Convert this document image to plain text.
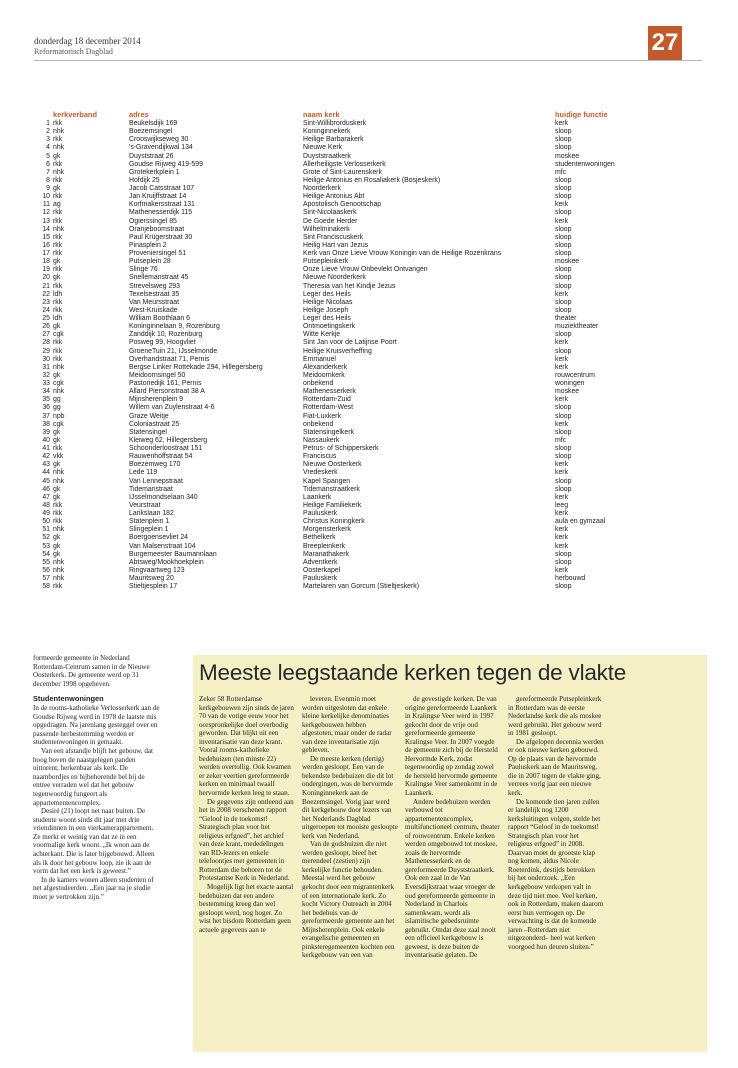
donderdag 18 december 2014
Reformatorisch Dagblad	27
	kerkverband	adres	naam kerk	huidige functie
1	rkk	Beukelsdijk 169	Sint-Willibrorduskerk	kerk
2	nhk	Boezemsingel	Koninginnekerk	sloop
3	rkk	Crooswijkseweg 30	Heilige Barbarakerk	sloop
4	nhk	's-Gravendijkwal 134	Nieuwe Kerk	sloop
5	gk	Duyststraat 26	Duyststraatkerk	moskee
6	rkk	Goudse Rijweg 419-599	Allerheiligste Verlosserkerk	studentenwoningen
7	nhk	Grotekerkplein 1	Grote of Sint-Laurenskerk	mfc
8	rkk	Hofdijk 25	Heilige Antonius en Rosaliakerk (Bosjeskerk)	sloop
9	gk	Jacob Catsstraat 107	Noorderkerk	sloop
10	rkk	Jan Kruijffstraat 14	Heilige Antonius Abt	sloop
11	ag	Korfmakersstraat 131	Apostolisch Genootschap	kerk
12	rkk	Mathenesserdijk 115	Sint-Nicolaaskerk	sloop
13	rkk	Ogierssingel 85	De Goede Herder	kerk
14	nhk	Oranjeboomstraat	Wilhelminakerk	sloop
15	rkk	Paul Krügerstraat 30	Sint Franciscuskerk	sloop
16	rkk	Pinasplein 2	Heilig Hart van Jezus	sloop
17	rkk	Proveniersingel 51	Kerk van Onze Lieve Vrouw Koningin van de Heilige Rozenkrans	sloop
18	gk	Putseplein 28	Putsepleinkerk	moskee
19	rkk	Slinge 76	Onze Lieve Vrouw Onbevlekt Ontvangen	sloop
20	gk	Snellemanstraat 45	Nieuwe Noorderkerk	sloop
21	rkk	Strevelsweg 293	Theresia van het Kindje Jezus	sloop
22	ldh	Texelsestraat 35	Leger des Heils	kerk
23	rkk	Van Meursstraat	Heilige Nicolaas	sloop
24	rkk	West-Kruiskade	Heilige Joseph	sloop
25	ldh	William Boothlaan 6	Leger des Heils	theater
26	gk	Koninginnelaan 9, Rozenburg	Ontmoetingskerk	muziektheater
27	cgk	Zanddijk 10, Rozenburg	Witte Kerkje	sloop
28	rkk	Posweg 99, Hoogvliet	Sint Jan voor de Latijnse Poort	kerk
29	rkk	GroeneTuin 21, IJsselmonde	Heilige Kruisverheffing	sloop
30	rkk	Overhandstraat 71, Pernis	Emmanuel	kerk
31	nhk	Bergse Linker Rottekade 294, Hillegersberg	Alexanderkerk	kerk
32	gk	Meidoornsingel 50	Meidoornkerk	rouwcentrum
33	cgk	Pastoriedijk 161, Pernis	onbekend	woningen
34	nhk	Allard Piersonstraat 38 A	Mathenesserkerk	moskee
35	gg	Mijnsherenplein 9	Rotterdam-Zuid	kerk
36	gg	Willem van Zuylenstraat 4-6	Rotterdam-West	sloop
37	npb	Graze Weitje	Fiat-Luxkerk	sloop
38	cgk	Coloniastraat 25	onbekend	kerk
39	gk	Statensingel	Statensingelkerk	sloop
40	gk	Kleiweg 62, Hillegersberg	Nassaukerk	mfc
41	rkk	Schoonderloostraat 151	Petrus- of Schipperskerk	sloop
42	vkk	Rauwenhoffstraat 54	Franciscus	sloop
43	gk	Boezemweg 170	Nieuwe Oosterkerk	kerk
44	nhk	Lede 119	Vredeskerk	kerk
45	nhk	Van Lennepstraat	Kapel Spangen	sloop
46	gk	Tidemanstraat	Tidemanstraatkerk	sloop
47	gk	IJsselmondselaan 340	Laankerk	kerk
48	rkk	Veurstraat	Heilige Familiekerk	leeg
49	rkk	Larikslaan 182	Pauluskerk	kerk
50	rkk	Statenplein 1	Christus Koningkerk	aula en gymzaal
51	nhk	Slingeplein 1	Morgensterkerk	kerk
52	gk	Boergoensevliet 24	Bethelkerk	kerk
53	gk	Van Malsenstraat 104	Breepleinkerk	kerk
54	gk	Burgemeester Baumannlaan	Maranathakerk	sloop
55	nhk	Abtsweg/Mookhoekplein	Adventkerk	sloop
56	nhk	Ringvaartweg 123	Oosterkapel	kerk
57	nhk	Mauritsweg 20	Pauluskerk	herbouwd
58	rkk	Stieltjesplein 17	Martelaren van Gorcum (Stieltjeskerk)	sloop

formeerde gemeente in Nederland Rotterdam-Centrum samen in de Nieuwe Oosterkerk. De gemeente werd op 31 december 1998 opgeheven.

Studentenwoningen

In de rooms-katholieke Verlosserkerk aan de Goudse Rijweg werd in 1978 de laatste mis opgedragen. Na jarenlang gesteggel over en passende herbestemming werden er studentenwoningen in gemaakt.

Van een afstandje blijft het gebouw, dat hoog boven de naastgelegen panden uittorent, herkenbaar als kerk. De naambordjes en bijbehorende bel bij de entree verraden wel dat het gebouw tegenwoordig fungeert als appartementencomplex.

Desiré (21) loopt net naar buiten. De studente woont sinds dit jaar met drie vriendinnen in een vierkamerappartement. Ze merkt er weinig van dat ze in een voormalige kerk woont. „Ik woon aan de achterkant. Die is later bijgebouwd. Alleen als ik door het gebouw loop, zie ik aan de vorm dat het een kerk is geweest.”

In de kamers wonen alleen studenten of net afgestudeerden. „Een jaar na je studie moet je vertrokken zijn.”

Meeste leegstaande kerken tegen de vlakte

Zeker 58 Rotterdamse kerkgebouwen zijn sinds de jaren 70 van de vorige eeuw voor het oorspronkelijke doel overbodig geworden. Dat blijkt uit een inventarisatie van deze krant. Vooral rooms-katholieke bedehuizen (ten minste 22) werden overtollig. Ook kwamen er zeker veertien gereformeerde kerken en minimaal twaalf hervormde kerken leeg te staan.

De gegevens zijn ontleend aan het in 2008 verschenen rapport “Geloof in de toekomst! Strategisch plan voor het religieus erfgoed”, het archief van deze krant, mededelingen van RD-lezers en enkele telefoontjes met gemeenten in Rotterdam die behoren tot de Protestantse Kerk in Nederland.

Mogelijk ligt het exacte aantal bedehuizen dat een andere bestemming kreeg dan wel gesloopt werd, nog hoger. Zo wist het bisdom Rotterdam geen actuele gegevens aan te

leveren. Evenmin moet worden uitgesloten dat enkele kleine kerkelijke denominaties kerkgebouwen hebben afgestoten, maar onder de radar van deze inventarisatie zijn gebleven.

De meeste kerken (dertig) werden gesloopt. Een van de bekendste bedehuizen die dit lot ondergingen, was de hervormde Koninginnekerk aan de Boezemsingel. Vorig jaar werd dit kerkgebouw door lezers van het Nederlands Dagblad uitgeroepen tot mooiste gesloopte kerk van Nederland.

Van de godshuizen die niet werden gesloopt, bleef het merendeel (zestien) zijn kerkelijke functie behouden. Meestal werd het gebouw gekocht door een migrantenkerk of een internationale kerk. Zo kocht Victory Outreach in 2004 het bedehuis van de gereformeerde gemeente aan het Mijnsherenplein. Ook enkele evangelische gemeenten en pinksteregemeenten kochten een kerkgebouw van een van

de gevestigde kerken. De van origine gereformeerde Laankerk in Kralingse Veer werd in 1997 gekocht door de vrije oud gereformeerde gemeente Kralingse Veer. In 2007 voegde de gemeente zich bij de Hersteld Hervormde Kerk, zodat tegenwoordig op zondag zowel de hersteld hervormde gemeente Kralingse Veer samenkomt in de Laankerk.

Andere bedehuizen werden verbouwd tot appartementencomplex, multifunctioneel centrum, theater of rouwcentrum. Enkele kerken werden omgebouwd tot moskee, zoals de hervormde Mathenesserkerk en de gereformeerde Duyststraatkerk. Ook een zaal in de Van Eversdijkstraat waar vroeger de oud gereformeerde gemeente in Nederland in Charlois samenkwam, wordt als islamitische gebedsruimte gebruikt. Omdat deze zaal nooit een officieel kerkgebouw is geweest, is deze buiten de inventarisatie gelaten. De

gereformeerde Putsepleinkerk in Rotterdam was de eerste Nederlandse kerk die als moskee werd gebruikt. Het gebouw werd in 1981 gesloopt.

De afgelopen decennia werden er ook nieuwe kerken gebouwd. Op de plaats van de hervormde Pauluskerk aan de Mauritsweg, die in 2007 tegen de vlakte ging, verrees vorig jaar een nieuwe kerk.

De komende tien jaren zullen er landelijk nog 1200 kerksluitingen volgen, stelde het rapport “Geloof in de toekomst! Strategisch plan voor het religieus erfgoed” in 2008. Daarvan moet de grootste klap nog komen, aldus Nicole Roeterdink, destijds betrokken bij het onderzoek. „Een kerkgebouw verkopen valt in deze tijd niet mee. Veel kerken, ook in Rotterdam, maken daarom eerst hun vermogen op. De verwachting is dat de komende jaren –Rotterdam niet uitgezonderd– heel wat kerken voorgoed hun deuren sluiten.”
